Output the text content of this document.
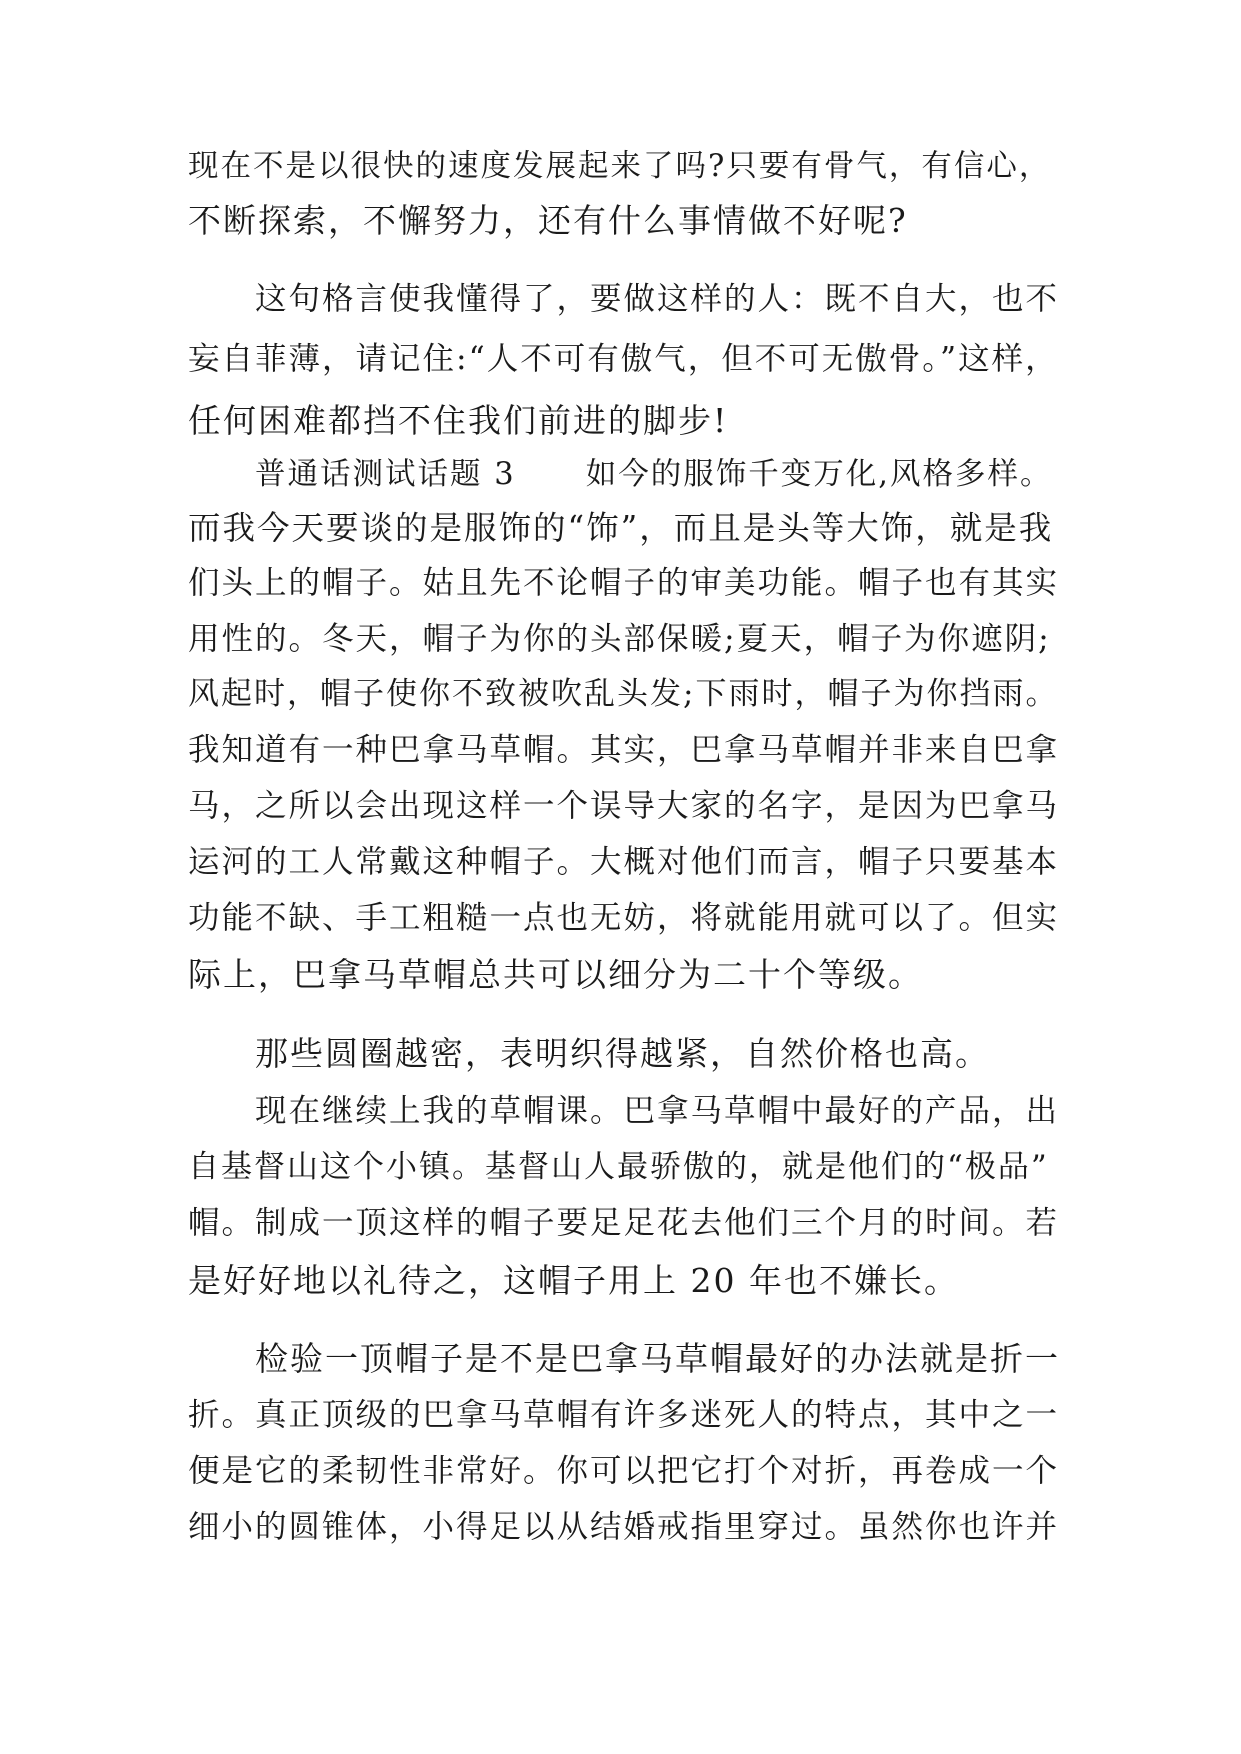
现在不是以很快的速度发展起来了吗?只要有骨气，有信心，
不断探索，不懈努力，还有什么事情做不好呢?
这句格言使我懂得了，要做这样的人：既不自大，也不
妄自菲薄，请记住:“人不可有傲气，但不可无傲骨。”这样，
任何困难都挡不住我们前进的脚步!
普通话测试话题 3      如今的服饰千变万化,风格多样。
而我今天要谈的是服饰的“饰”，而且是头等大饰，就是我
们头上的帽子。姑且先不论帽子的审美功能。帽子也有其实
用性的。冬天，帽子为你的头部保暖;夏天，帽子为你遮阴;
风起时，帽子使你不致被吹乱头发;下雨时，帽子为你挡雨。
我知道有一种巴拿马草帽。其实，巴拿马草帽并非来自巴拿
马，之所以会出现这样一个误导大家的名字，是因为巴拿马
运河的工人常戴这种帽子。大概对他们而言，帽子只要基本
功能不缺、手工粗糙一点也无妨，将就能用就可以了。但实
际上，巴拿马草帽总共可以细分为二十个等级。
那些圆圈越密，表明织得越紧，自然价格也高。
现在继续上我的草帽课。巴拿马草帽中最好的产品，出
自基督山这个小镇。基督山人最骄傲的，就是他们的“极品”
帽。制成一顶这样的帽子要足足花去他们三个月的时间。若
是好好地以礼待之，这帽子用上 20 年也不嫌长。
检验一顶帽子是不是巴拿马草帽最好的办法就是折一
折。真正顶级的巴拿马草帽有许多迷死人的特点，其中之一
便是它的柔韧性非常好。你可以把它打个对折，再卷成一个
细小的圆锥体，小得足以从结婚戒指里穿过。虽然你也许并
